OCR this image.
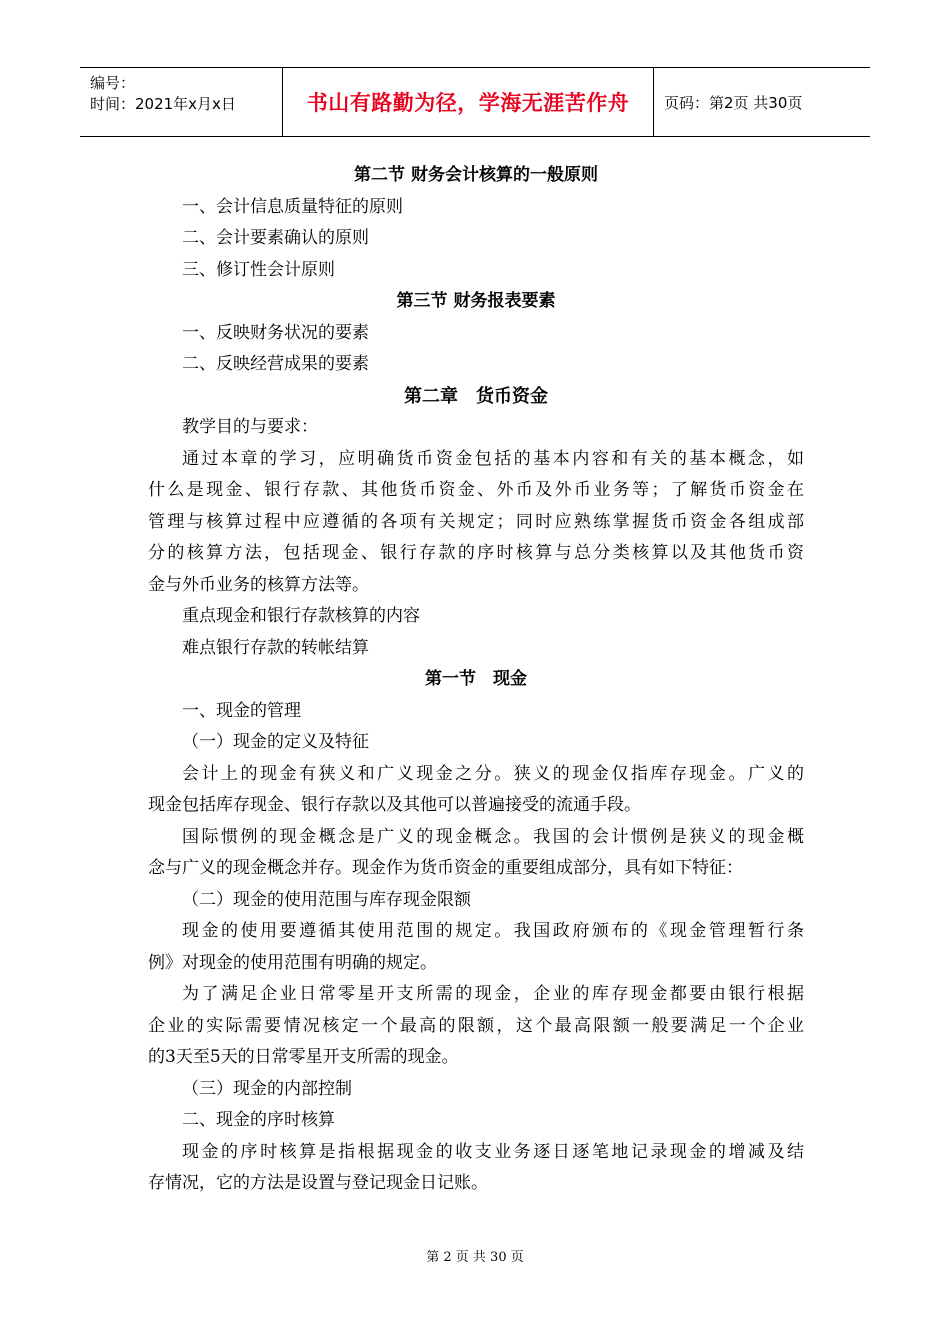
编号：
时间：2021年x月x日	书山有路勤为径，学海无涯苦作舟 页码：第2页 共30页
第二节 财务会计核算的一般原则
一、会计信息质量特征的原则
二、会计要素确认的原则
三、修订性会计原则
第三节 财务报表要素
一、反映财务状况的要素
二、反映经营成果的要素
第二章　货币资金
教学目的与要求：
通过本章的学习，应明确货币资金包括的基本内容和有关的基本概念，如
什么是现金、银行存款、其他货币资金、外币及外币业务等；了解货币资金在
管理与核算过程中应遵循的各项有关规定；同时应熟练掌握货币资金各组成部
分的核算方法，包括现金、银行存款的序时核算与总分类核算以及其他货币资
金与外币业务的核算方法等。
重点现金和银行存款核算的内容
难点银行存款的转帐结算
第一节　现金
一、现金的管理
（一）现金的定义及特征
会计上的现金有狭义和广义现金之分。狭义的现金仅指库存现金。广义的
现金包括库存现金、银行存款以及其他可以普遍接受的流通手段。
国际惯例的现金概念是广义的现金概念。我国的会计惯例是狭义的现金概
念与广义的现金概念并存。现金作为货币资金的重要组成部分，具有如下特征：
（二）现金的使用范围与库存现金限额
现金的使用要遵循其使用范围的规定。我国政府颁布的《现金管理暂行条
例》对现金的使用范围有明确的规定。
为了满足企业日常零星开支所需的现金，企业的库存现金都要由银行根据
企业的实际需要情况核定一个最高的限额，这个最高限额一般要满足一个企业
的3天至5天的日常零星开支所需的现金。
（三）现金的内部控制
二、现金的序时核算
现金的序时核算是指根据现金的收支业务逐日逐笔地记录现金的增减及结
存情况，它的方法是设置与登记现金日记账。
第 2 页 共 30 页
